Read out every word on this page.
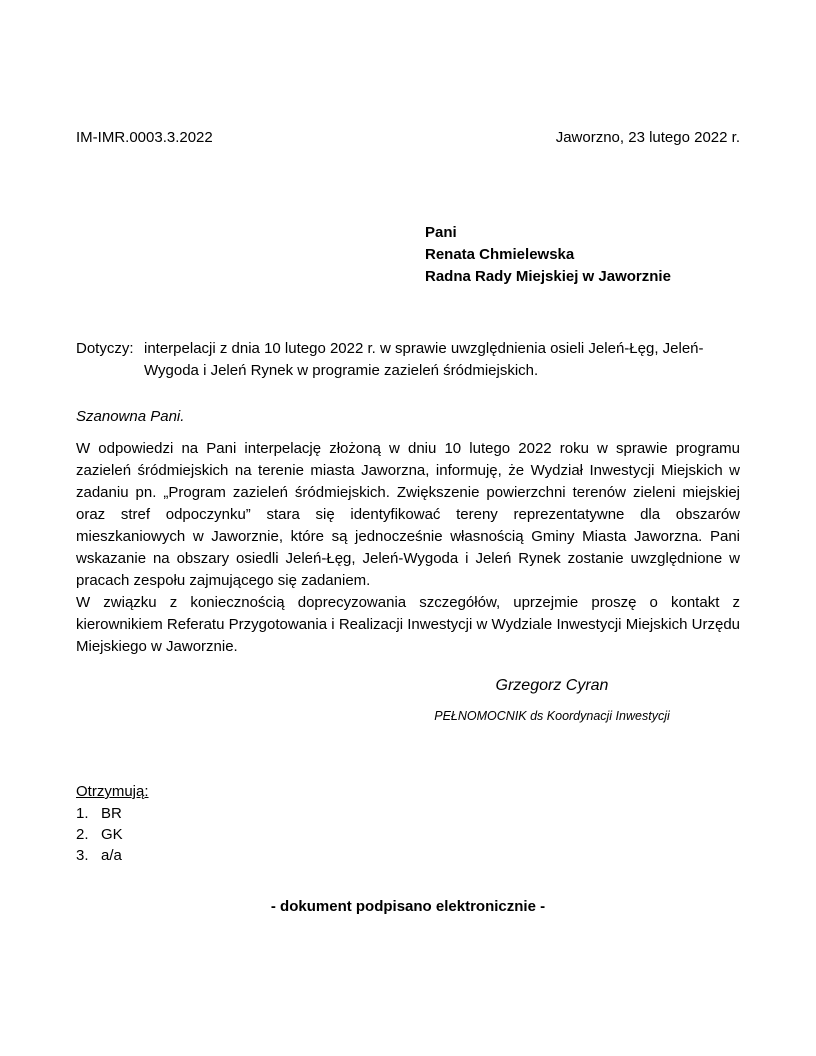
IM-IMR.0003.3.2022	Jaworzno, 23 lutego 2022 r.
Pani
Renata Chmielewska
Radna Rady Miejskiej w Jaworznie
Dotyczy: interpelacji z dnia 10 lutego 2022 r. w sprawie uwzględnienia osieli Jeleń-Łęg, Jeleń-Wygoda i Jeleń Rynek w programie zazieleń śródmiejskich.
Szanowna Pani.

W odpowiedzi na Pani interpelację złożoną w dniu 10 lutego 2022 roku w sprawie programu zazieleń śródmiejskich na terenie miasta Jaworzna, informuję, że Wydział Inwestycji Miejskich w zadaniu pn. „Program zazieleń śródmiejskich. Zwiększenie powierzchni terenów zieleni miejskiej oraz stref odpoczynku” stara się identyfikować tereny reprezentatywne dla obszarów mieszkaniowych w Jaworznie, które są jednocześnie własnością Gminy Miasta Jaworzna. Pani wskazanie na obszary osiedli Jeleń-Łęg, Jeleń-Wygoda i Jeleń Rynek zostanie uwzględnione w pracach zespołu zajmującego się zadaniem.

W związku z koniecznością doprecyzowania szczegółów, uprzejmie proszę o kontakt z kierownikiem Referatu Przygotowania i Realizacji Inwestycji w Wydziale Inwestycji Miejskich Urzędu Miejskiego w Jaworznie.

Grzegorz Cyran
PEŁNOMOCNIK ds Koordynacji Inwestycji
Otrzymują:
1. BR
2. GK
3. a/a
- dokument podpisano elektronicznie -
